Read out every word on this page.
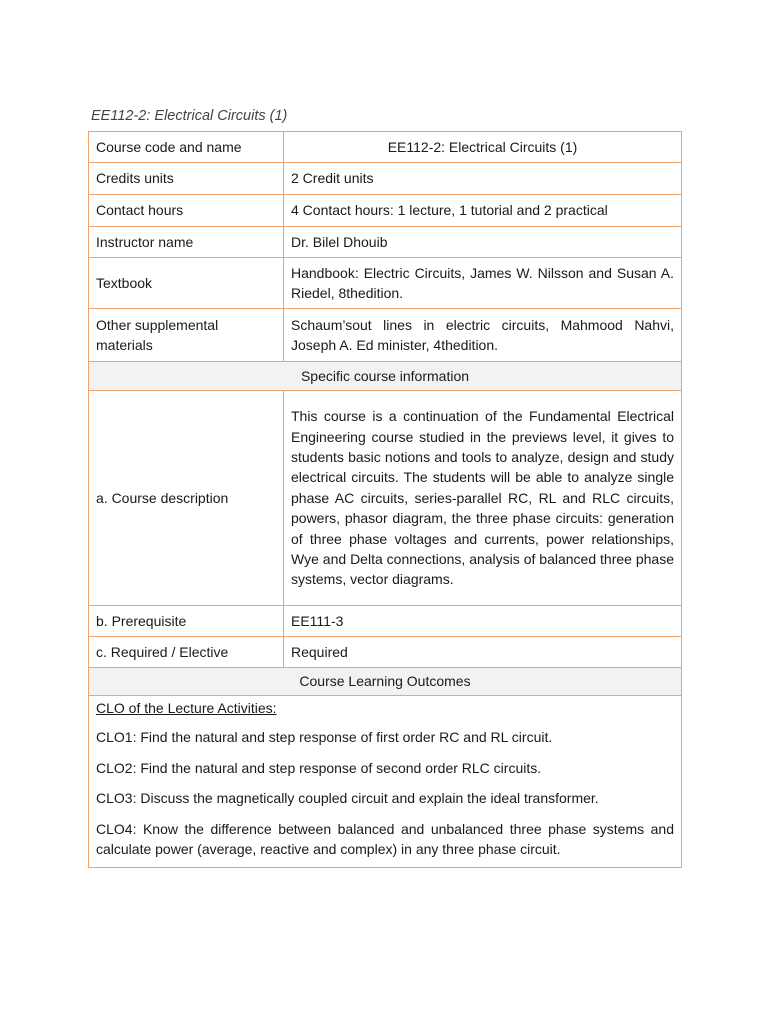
EE112-2: Electrical Circuits (1)
Course code and name	EE112-2: Electrical Circuits (1)
Credits units	2 Credit units
Contact hours	4 Contact hours: 1 lecture, 1 tutorial and 2 practical
Instructor name	Dr. Bilel Dhouib
Textbook	Handbook: Electric Circuits, James W. Nilsson and Susan A. Riedel, 8thedition.
Other supplemental materials	Schaum’sout lines in electric circuits, Mahmood Nahvi, Joseph A. Ed minister, 4thedition.
Specific course information	
a. Course description	This course is a continuation of the Fundamental Electrical Engineering course studied in the previews level, it gives to students basic notions and tools to analyze, design and study electrical circuits. The students will be able to analyze single phase AC circuits, series-parallel RC, RL and RLC circuits, powers, phasor diagram, the three phase circuits: generation of three phase voltages and currents, power relationships, Wye and Delta connections, analysis of balanced three phase systems, vector diagrams.
b. Prerequisite	EE111-3
c. Required / Elective	Required
Course Learning Outcomes	

CLO of the Lecture Activities:
CLO1: Find the natural and step response of first order RC and RL circuit.
CLO2: Find the natural and step response of second order RLC circuits.
CLO3: Discuss the magnetically coupled circuit and explain the ideal transformer.
CLO4: Know the difference between balanced and unbalanced three phase systems and calculate power (average, reactive and complex) in any three phase circuit.	
